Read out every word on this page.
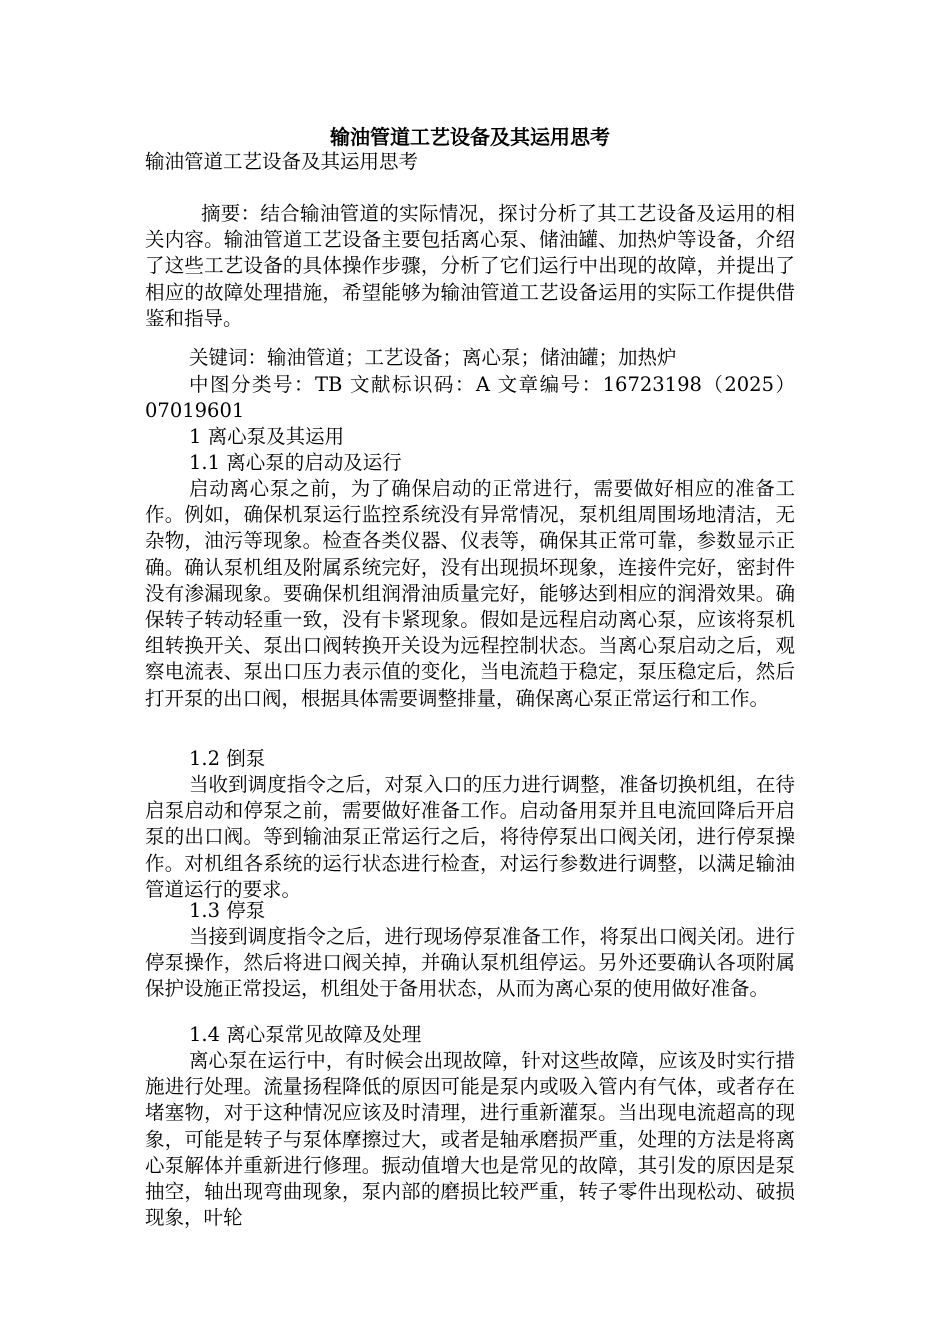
输油管道工艺设备及其运用思考
输油管道工艺设备及其运用思考
摘要：结合输油管道的实际情况，探讨分析了其工艺设备及运用的相关内容。输油管道工艺设备主要包括离心泵、储油罐、加热炉等设备，介绍了这些工艺设备的具体操作步骤，分析了它们运行中出现的故障，并提出了相应的故障处理措施，希望能够为输油管道工艺设备运用的实际工作提供借鉴和指导。
关键词：输油管道；工艺设备；离心泵；储油罐；加热炉
中图分类号：TB 文献标识码：A 文章编号：16723198（2025）07019601
1 离心泵及其运用
1.1 离心泵的启动及运行
启动离心泵之前，为了确保启动的正常进行，需要做好相应的准备工作。例如，确保机泵运行监控系统没有异常情况，泵机组周围场地清洁，无杂物，油污等现象。检查各类仪器、仪表等，确保其正常可靠，参数显示正确。确认泵机组及附属系统完好，没有出现损坏现象，连接件完好，密封件没有渗漏现象。要确保机组润滑油质量完好，能够达到相应的润滑效果。确保转子转动轻重一致，没有卡紧现象。假如是远程启动离心泵，应该将泵机组转换开关、泵出口阀转换开关设为远程控制状态。当离心泵启动之后，观察电流表、泵出口压力表示值的变化，当电流趋于稳定，泵压稳定后，然后打开泵的出口阀，根据具体需要调整排量，确保离心泵正常运行和工作。
1.2 倒泵
当收到调度指令之后，对泵入口的压力进行调整，准备切换机组，在待启泵启动和停泵之前，需要做好准备工作。启动备用泵并且电流回降后开启泵的出口阀。等到输油泵正常运行之后，将待停泵出口阀关闭，进行停泵操作。对机组各系统的运行状态进行检查，对运行参数进行调整，以满足输油管道运行的要求。
1.3 停泵
当接到调度指令之后，进行现场停泵准备工作，将泵出口阀关闭。进行停泵操作，然后将进口阀关掉，并确认泵机组停运。另外还要确认各项附属保护设施正常投运，机组处于备用状态，从而为离心泵的使用做好准备。
1.4 离心泵常见故障及处理
离心泵在运行中，有时候会出现故障，针对这些故障，应该及时实行措施进行处理。流量扬程降低的原因可能是泵内或吸入管内有气体，或者存在堵塞物，对于这种情况应该及时清理，进行重新灌泵。当出现电流超高的现象，可能是转子与泵体摩擦过大，或者是轴承磨损严重，处理的方法是将离心泵解体并重新进行修理。振动值增大也是常见的故障，其引发的原因是泵抽空，轴出现弯曲现象，泵内部的磨损比较严重，转子零件出现松动、破损现象，叶轮
